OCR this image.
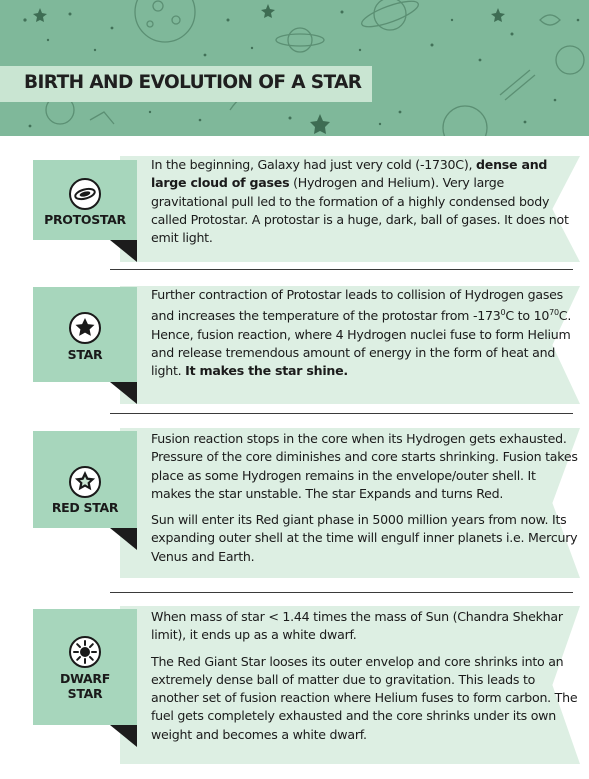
BIRTH AND EVOLUTION OF A STAR
PROTOSTAR
In the beginning, Galaxy had just very cold (-1730C), dense and large cloud of gases (Hydrogen and Helium). Very large gravitational pull led to the formation of a highly condensed body called Protostar. A protostar is a huge, dark, ball of gases. It does not emit light.
STAR
Further contraction of Protostar leads to collision of Hydrogen gases and increases the temperature of the protostar from $-173^0C$ to $10^{70}C$. Hence, fusion reaction, where 4 Hydrogen nuclei fuse to form Helium and release tremendous amount of energy in the form of heat and light. It makes the star shine.
RED STAR

Fusion reaction stops in the core when its Hydrogen gets exhausted. Pressure of the core diminishes and core starts shrinking. Fusion takes place as some Hydrogen remains in the envelope/outer shell. It makes the star unstable. The star Expands and turns Red.

Sun will enter its Red giant phase in 5000 million years from now. Its expanding outer shell at the time will engulf inner planets i.e. Mercury Venus and Earth.

DWARF STAR

When mass of star < 1.44 times the mass of Sun (Chandra Shekhar limit), it ends up as a white dwarf.

The Red Giant Star looses its outer envelop and core shrinks into an extremely dense ball of matter due to gravitation. This leads to another set of fusion reaction where Helium fuses to form carbon. The fuel gets completely exhausted and the core shrinks under its own weight and becomes a white dwarf.
